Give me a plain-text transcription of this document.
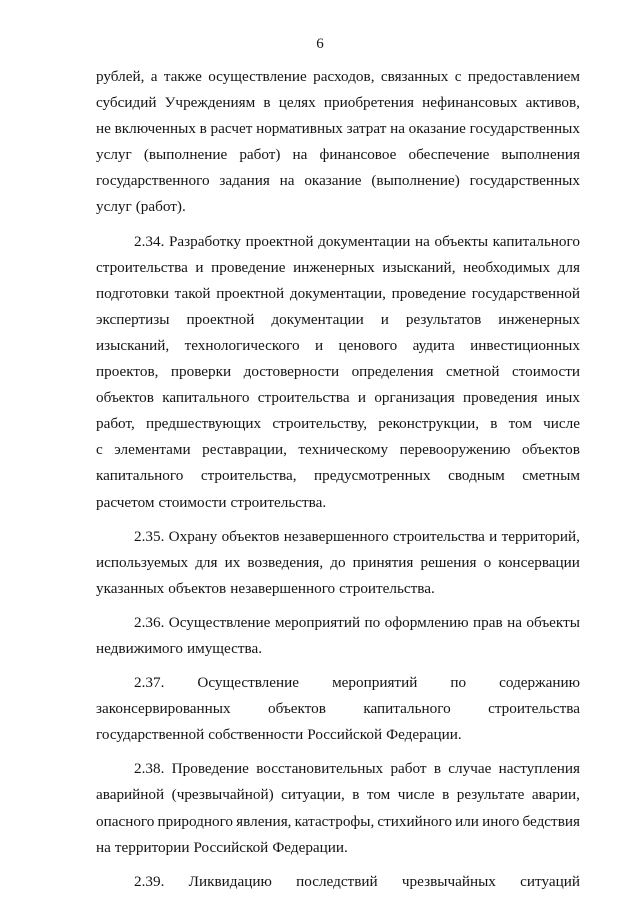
6
рублей, а также осуществление расходов, связанных с предоставлением
субсидий Учреждениям в целях приобретения нефинансовых активов,
не включенных в расчет нормативных затрат на оказание государственных
услуг (выполнение работ) на финансовое обеспечение выполнения
государственного задания на оказание (выполнение) государственных
услуг (работ).
2.34. Разработку проектной документации на объекты капитального
строительства и проведение инженерных изысканий, необходимых для
подготовки такой проектной документации, проведение государственной
экспертизы проектной документации и результатов инженерных
изысканий, технологического и ценового аудита инвестиционных
проектов, проверки достоверности определения сметной стоимости
объектов капитального строительства и организация проведения иных
работ, предшествующих строительству, реконструкции, в том числе
с элементами реставрации, техническому перевооружению объектов
капитального строительства, предусмотренных сводным сметным
расчетом стоимости строительства.
2.35. Охрану объектов незавершенного строительства и территорий,
используемых для их возведения, до принятия решения о консервации
указанных объектов незавершенного строительства.
2.36. Осуществление мероприятий по оформлению прав на объекты
недвижимого имущества.
2.37. Осуществление мероприятий по содержанию
законсервированных объектов капитального строительства
государственной собственности Российской Федерации.
2.38. Проведение восстановительных работ в случае наступления
аварийной (чрезвычайной) ситуации, в том числе в результате аварии,
опасного природного явления, катастрофы, стихийного или иного бедствия
на территории Российской Федерации.
2.39. Ликвидацию последствий чрезвычайных ситуаций
